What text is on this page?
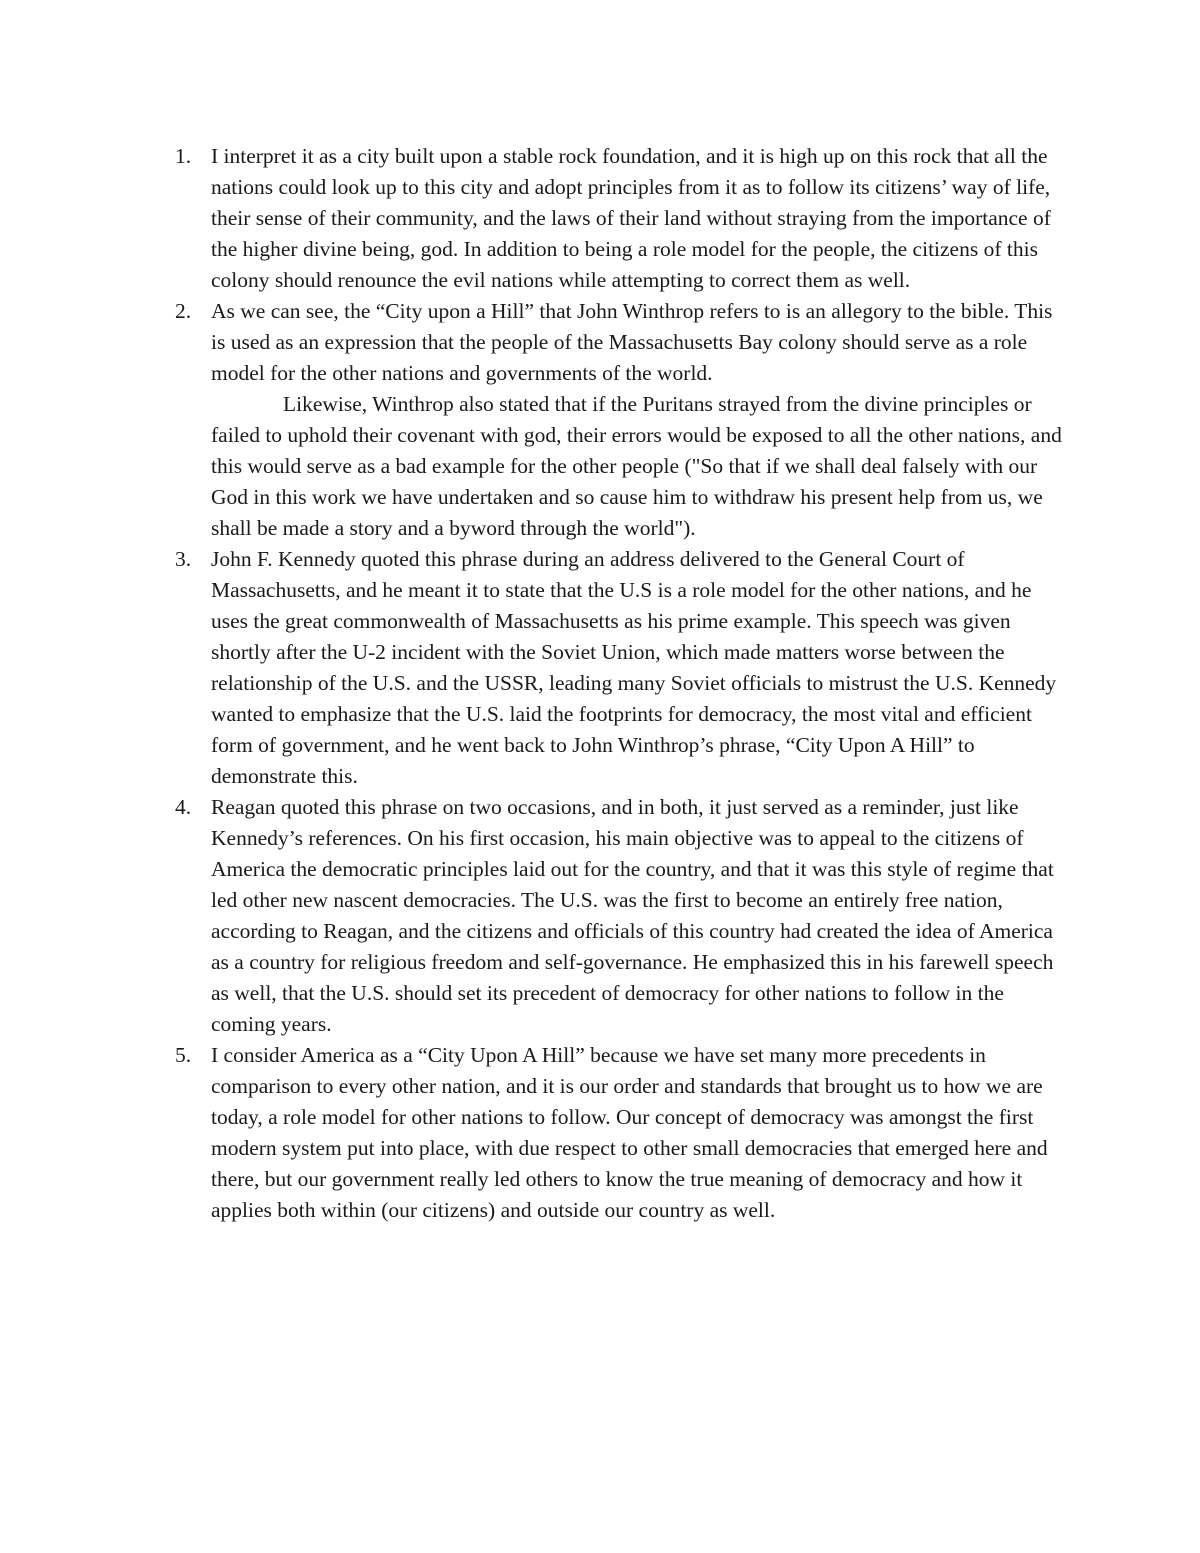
1. I interpret it as a city built upon a stable rock foundation, and it is high up on this rock that all the nations could look up to this city and adopt principles from it as to follow its citizens’ way of life, their sense of their community, and the laws of their land without straying from the importance of the higher divine being, god. In addition to being a role model for the people, the citizens of this colony should renounce the evil nations while attempting to correct them as well.
2. As we can see, the “City upon a Hill” that John Winthrop refers to is an allegory to the bible. This is used as an expression that the people of the Massachusetts Bay colony should serve as a role model for the other nations and governments of the world.
Likewise, Winthrop also stated that if the Puritans strayed from the divine principles or failed to uphold their covenant with god, their errors would be exposed to all the other nations, and this would serve as a bad example for the other people ("So that if we shall deal falsely with our God in this work we have undertaken and so cause him to withdraw his present help from us, we shall be made a story and a byword through the world").
3. John F. Kennedy quoted this phrase during an address delivered to the General Court of Massachusetts, and he meant it to state that the U.S is a role model for the other nations, and he uses the great commonwealth of Massachusetts as his prime example. This speech was given shortly after the U-2 incident with the Soviet Union, which made matters worse between the relationship of the U.S. and the USSR, leading many Soviet officials to mistrust the U.S. Kennedy wanted to emphasize that the U.S. laid the footprints for democracy, the most vital and efficient form of government, and he went back to John Winthrop’s phrase, “City Upon A Hill” to demonstrate this.
4. Reagan quoted this phrase on two occasions, and in both, it just served as a reminder, just like Kennedy’s references. On his first occasion, his main objective was to appeal to the citizens of America the democratic principles laid out for the country, and that it was this style of regime that led other new nascent democracies. The U.S. was the first to become an entirely free nation, according to Reagan, and the citizens and officials of this country had created the idea of America as a country for religious freedom and self-governance. He emphasized this in his farewell speech as well, that the U.S. should set its precedent of democracy for other nations to follow in the coming years.
5. I consider America as a “City Upon A Hill” because we have set many more precedents in comparison to every other nation, and it is our order and standards that brought us to how we are today, a role model for other nations to follow. Our concept of democracy was amongst the first modern system put into place, with due respect to other small democracies that emerged here and there, but our government really led others to know the true meaning of democracy and how it applies both within (our citizens) and outside our country as well.
